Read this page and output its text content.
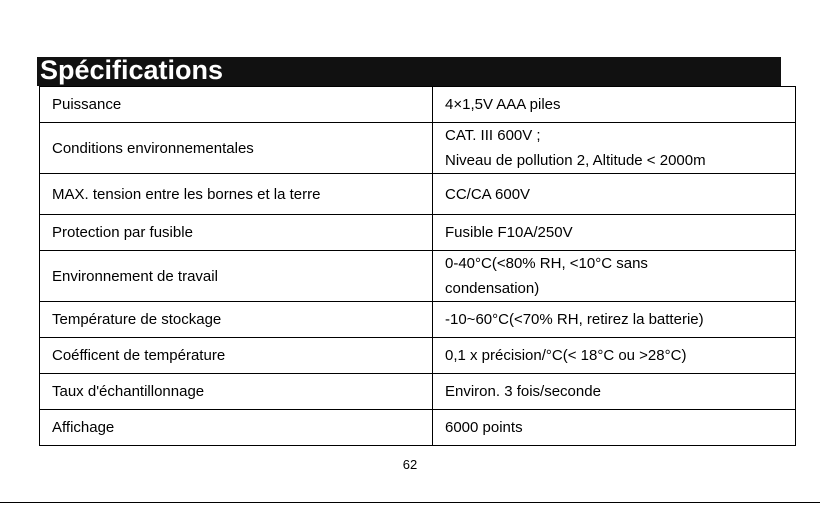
Spécifications
Puissance	4×1,5V AAA piles

Conditions environnementales	CAT. III 600V ;
Niveau de pollution 2, Altitude < 2000m

MAX. tension entre les bornes et la terre	CC/CA 600V

Protection par fusible	Fusible F10A/250V

Environnement de travail	0-40°C(<80% RH, <10°C sans
condensation)

Température de stockage	-10~60°C(<70% RH, retirez la batterie)

Coéfficent de température	0,1 x précision/°C(< 18°C ou >28°C)

Taux d'échantillonnage	Environ. 3 fois/seconde

Affichage	6000 points
62
